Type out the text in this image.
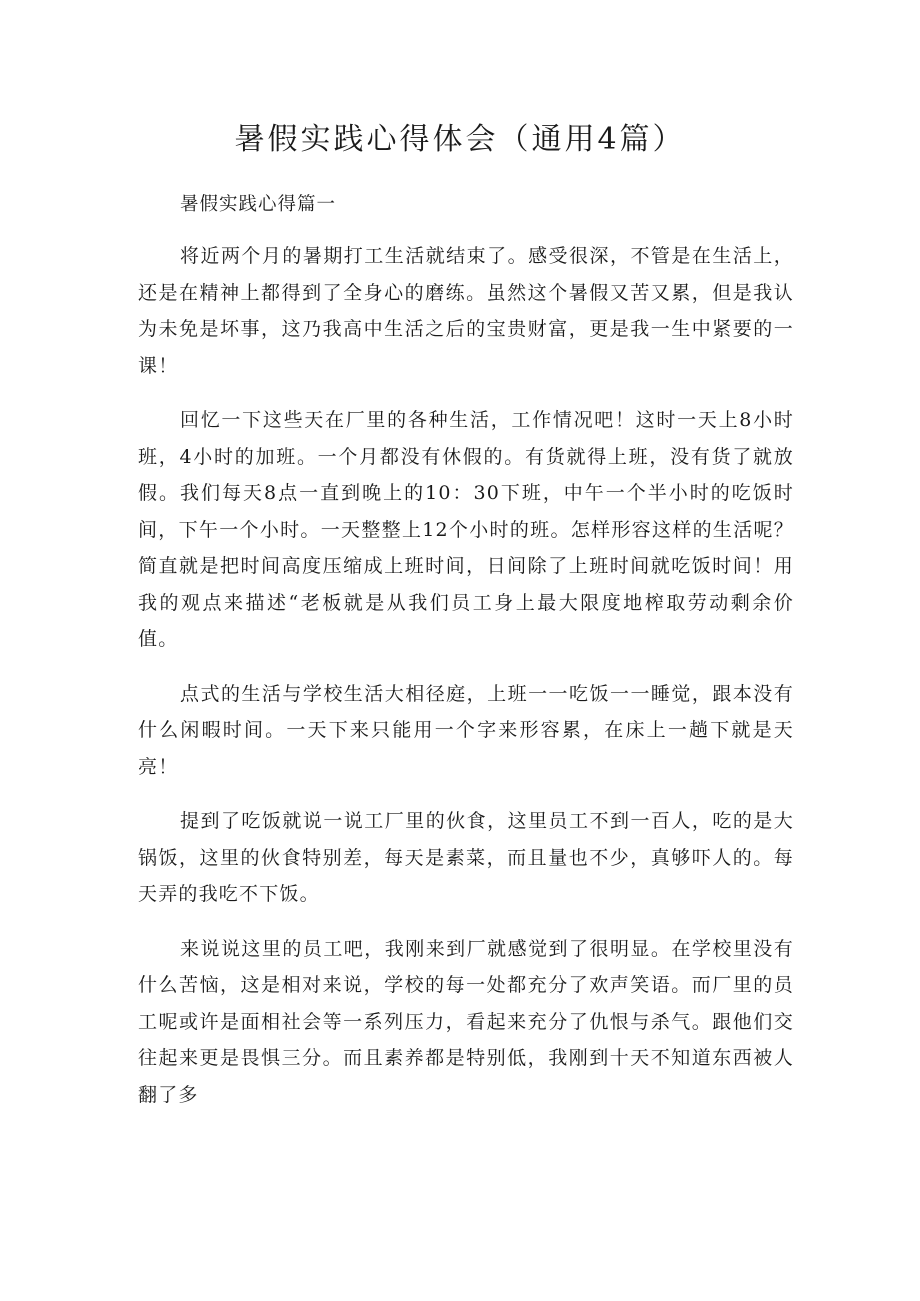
暑假实践心得体会（通用4篇）

暑假实践心得篇一

将近两个月的暑期打工生活就结束了。感受很深，不管是在生活上，还是在精神上都得到了全身心的磨练。虽然这个暑假又苦又累，但是我认为未免是坏事，这乃我高中生活之后的宝贵财富，更是我一生中紧要的一课！

回忆一下这些天在厂里的各种生活，工作情况吧！这时一天上8小时班，4小时的加班。一个月都没有休假的。有货就得上班，没有货了就放假。我们每天8点一直到晚上的10：30下班，中午一个半小时的吃饭时间，下午一个小时。一天整整上12个小时的班。怎样形容这样的生活呢？简直就是把时间高度压缩成上班时间，日间除了上班时间就吃饭时间！用我的观点来描述“老板就是从我们员工身上最大限度地榨取劳动剩余价值。

点式的生活与学校生活大相径庭，上班一一吃饭一一睡觉，跟本没有什么闲暇时间。一天下来只能用一个字来形容累，在床上一趟下就是天亮！

提到了吃饭就说一说工厂里的伙食，这里员工不到一百人，吃的是大锅饭，这里的伙食特别差，每天是素菜，而且量也不少，真够吓人的。每天弄的我吃不下饭。

来说说这里的员工吧，我刚来到厂就感觉到了很明显。在学校里没有什么苦恼，这是相对来说，学校的每一处都充分了欢声笑语。而厂里的员工呢或许是面相社会等一系列压力，看起来充分了仇恨与杀气。跟他们交往起来更是畏惧三分。而且素养都是特别低，我刚到十天不知道东西被人翻了多
